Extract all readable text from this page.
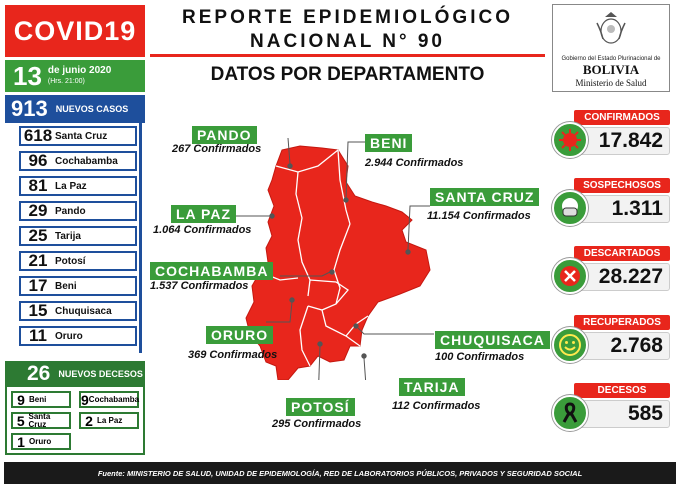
COVID19
13 de junio 2020
(Hrs. 21:00)
913 NUEVOS CASOS
618 Santa Cruz
96 Cochabamba
81 La Paz
29 Pando
25 Tarija
21 Potosí
17 Beni
15 Chuquisaca
11 Oruro
26 NUEVOS DECESOS
9 Beni 9 Cochabamba
5 Santa Cruz	2 La Paz
1 Oruro
REPORTE EPIDEMIOLÓGICO
NACIONAL N° 90
DATOS POR DEPARTAMENTO
Gobierno del Estado Plurinacional de
BOLIVIA
Ministerio de Salud
PANDO
267 Confirmados	BENI
2.944 Confirmados
SANTA CRUZ
11.154 Confirmados
LA PAZ
1.064 Confirmados
COCHABAMBA
1.537 Confirmados
ORURO
369 Confirmados
CHUQUISACA
100 Confirmados
TARIJA
112 Confirmados
POTOSÍ
295 Confirmados
CONFIRMADOS
17.842
SOSPECHOSOS
1.311
DESCARTADOS
28.227
RECUPERADOS
2.768
DECESOS
585
Fuente: MINISTERIO DE SALUD, UNIDAD DE EPIDEMIOLOGÍA, RED DE LABORATORIOS PÚBLICOS, PRIVADOS Y SEGURIDAD SOCIAL
